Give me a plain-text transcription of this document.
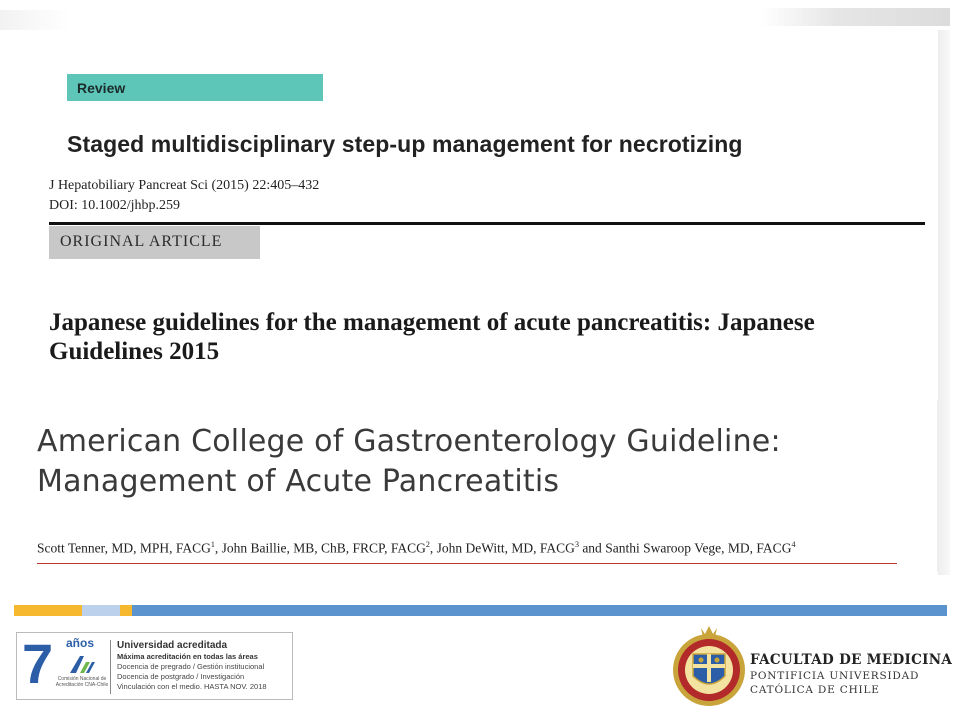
Review
Staged multidisciplinary step-up management for necrotizing
J Hepatobiliary Pancreat Sci (2015) 22:405–432
DOI: 10.1002/jhbp.259
ORIGINAL ARTICLE
Japanese guidelines for the management of acute pancreatitis: Japanese
Guidelines 2015
American College of Gastroenterology Guideline:
Management of Acute Pancreatitis
Scott Tenner, MD, MPH, FACG$^1$, John Baillie, MB, ChB, FRCP, FACG$^2$, John DeWitt, MD, FACG$^3$ and Santhi Swaroop Vege, MD, FACG$^4$
7 años
Comisión Nacional de Acreditación CNA-Chile
Universidad acreditada
Máxima acreditación en todas las áreas
Docencia de pregrado / Gestión institucional
Docencia de postgrado / Investigación
Vinculación con el medio. HASTA NOV. 2018
FACULTAD DE MEDICINA
PONTIFICIA UNIVERSIDAD
CATÓLICA DE CHILE
